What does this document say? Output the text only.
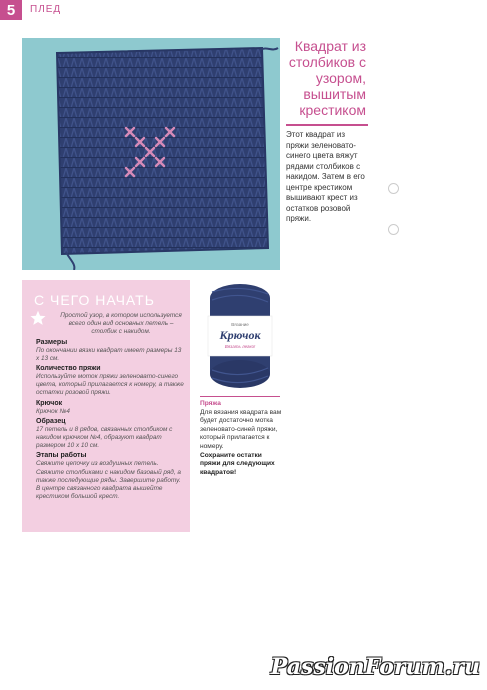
5	ПЛЕД
Квадрат из столбиков с узором, вышитым крестиком
Этот квадрат из пряжи зеленовато-синего цвета вяжут рядами столбиков с накидом. Затем в его центре крестиком вышивают крест из остатков розовой пряжи.
С ЧЕГО НАЧАТЬ

Простой узор, в котором используется всего один вид основных петель – столбик с накидом.

Размеры

По окончании вязки квадрат имеет размеры 13 х 13 см.

Количество пряжи

Используйте моток пряжи зеленовато-синего цвета, который прилагается к номеру, а также остатки розовой пряжи.

Крючок

Крючок №4

Образец

17 петель и 8 рядов, связанных столбиком с накидом крючком №4, образуют квадрат размером 10 х 10 см.

Этапы работы

Свяжите цепочку из воздушных петель. Свяжите столбиками с накидом базовый ряд, а также последующие ряды. Завершите работу. В центре связанного квадрата вышейте крестиком большой крест.

Вязание
Крючок
Вязать легко!
Пряжа
Для вязания квадрата вам будет достаточно мотка зеленовато-синей пряжи, который прилагается к номеру.
Сохраните остатки пряжи для следующих квадратов!
PassionForum.ru
